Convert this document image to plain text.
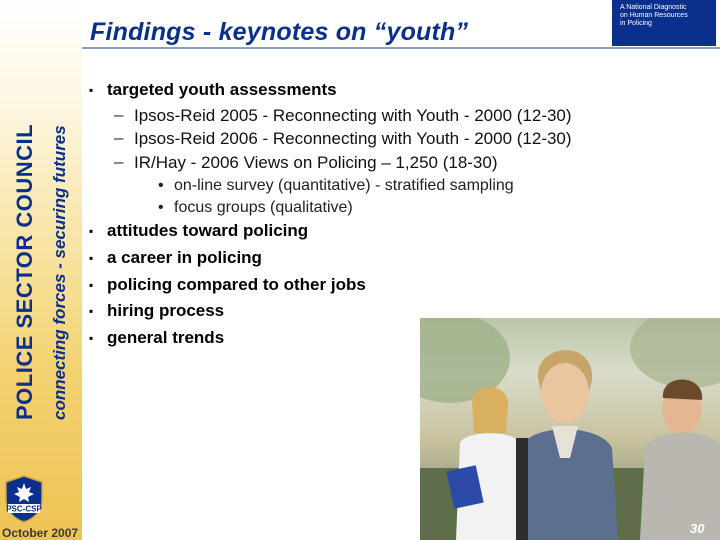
POLICE SECTOR COUNCIL connecting forces - securing futures
PSC-CSP
October 2007
Findings - keynotes on “youth”
A National Diagnostic
on Human Resources
in Policing
▪ targeted youth assessments
– Ipsos-Reid 2005 - Reconnecting with Youth - 2000 (12-30)
– Ipsos-Reid 2006 - Reconnecting with Youth - 2000 (12-30)
– IR/Hay - 2006 Views on Policing – 1,250 (18-30)
• on-line survey (quantitative) - stratified sampling
• focus groups (qualitative)
▪ attitudes toward policing
▪ a career in policing
▪ policing compared to other jobs
▪ hiring process
▪ general trends
30
